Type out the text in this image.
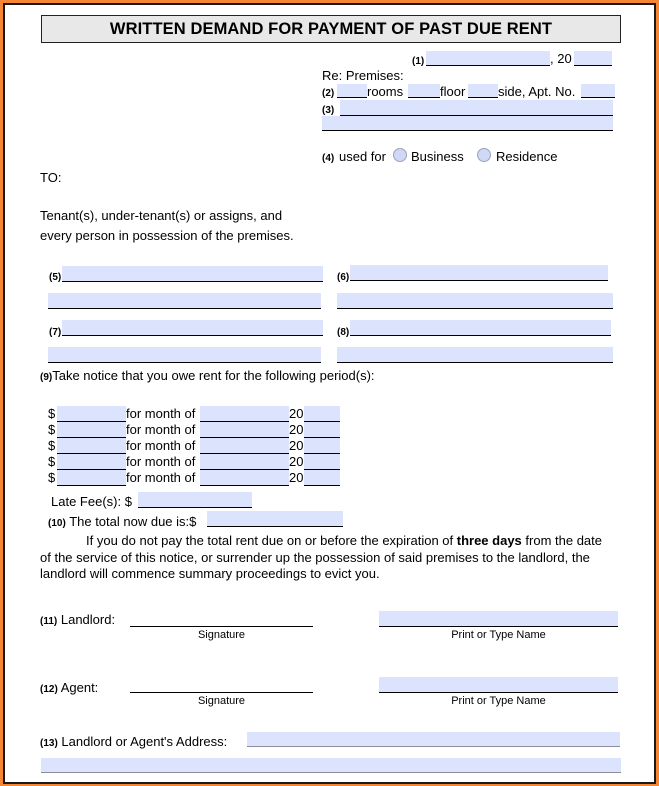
WRITTEN DEMAND FOR PAYMENT OF PAST DUE RENT
(1)	, 20
Re: Premises:
(2)	rooms	floor	side, Apt. No.
(3)
(4) used for Business Residence
TO:
Tenant(s), under-tenant(s) or assigns, and
every person in possession of the premises.
(5)	(6)
(7)	(8)
(9)Take notice that you owe rent for the following period(s):
$	for month of	20
$	for month of	20
$	for month of	20
$	for month of	20
$	for month of	20
Late Fee(s): $
(10) The total now due is:$
If you do not pay the total rent due on or before the expiration of three days from the date of the service of this notice, or surrender up the possession of said premises to the landlord, the landlord will commence summary proceedings to evict you.
(11) Landlord:
Signature	Print or Type Name
(12) Agent:
Signature	Print or Type Name
(13) Landlord or Agent's Address:
